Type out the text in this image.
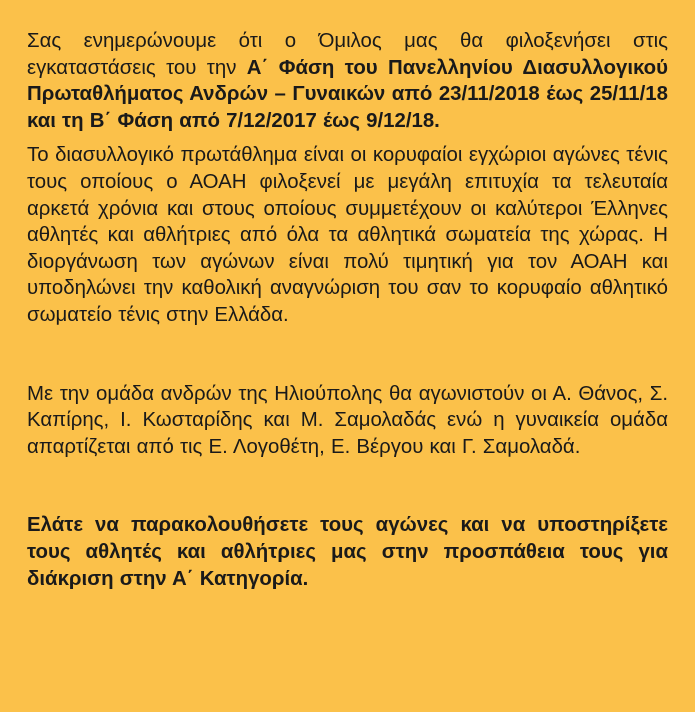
Σας ενημερώνουμε ότι ο Όμιλος μας θα φιλοξενήσει στις εγκαταστάσεις του την Α΄ Φάση του Πανελληνίου Διασυλλογικού Πρωταθλήματος Ανδρών – Γυναικών από 23/11/2018 έως 25/11/18 και τη Β΄ Φάση από 7/12/2017 έως 9/12/18.

Το διασυλλογικό πρωτάθλημα είναι οι κορυφαίοι εγχώριοι αγώνες τένις τους οποίους ο ΑΟΑΗ φιλοξενεί με μεγάλη επιτυχία τα τελευταία αρκετά χρόνια και στους οποίους συμμετέχουν οι καλύτεροι Έλληνες αθλητές και αθλήτριες από όλα τα αθλητικά σωματεία της χώρας. Η διοργάνωση των αγώνων είναι πολύ τιμητική για τον ΑΟΑΗ και υποδηλώνει την καθολική αναγνώριση του σαν το κορυφαίο αθλητικό σωματείο τένις στην Ελλάδα.

Με την ομάδα ανδρών της Ηλιούπολης θα αγωνιστούν οι Α. Θάνος, Σ. Καπίρης, Ι. Κωσταρίδης και Μ. Σαμολαδάς ενώ η γυναικεία ομάδα απαρτίζεται από τις Ε. Λογοθέτη, Ε. Βέργου και Γ. Σαμολαδά.

Ελάτε να παρακολουθήσετε τους αγώνες και να υποστηρίξετε τους αθλητές και αθλήτριες μας στην προσπάθεια τους για διάκριση στην Α΄ Κατηγορία.
